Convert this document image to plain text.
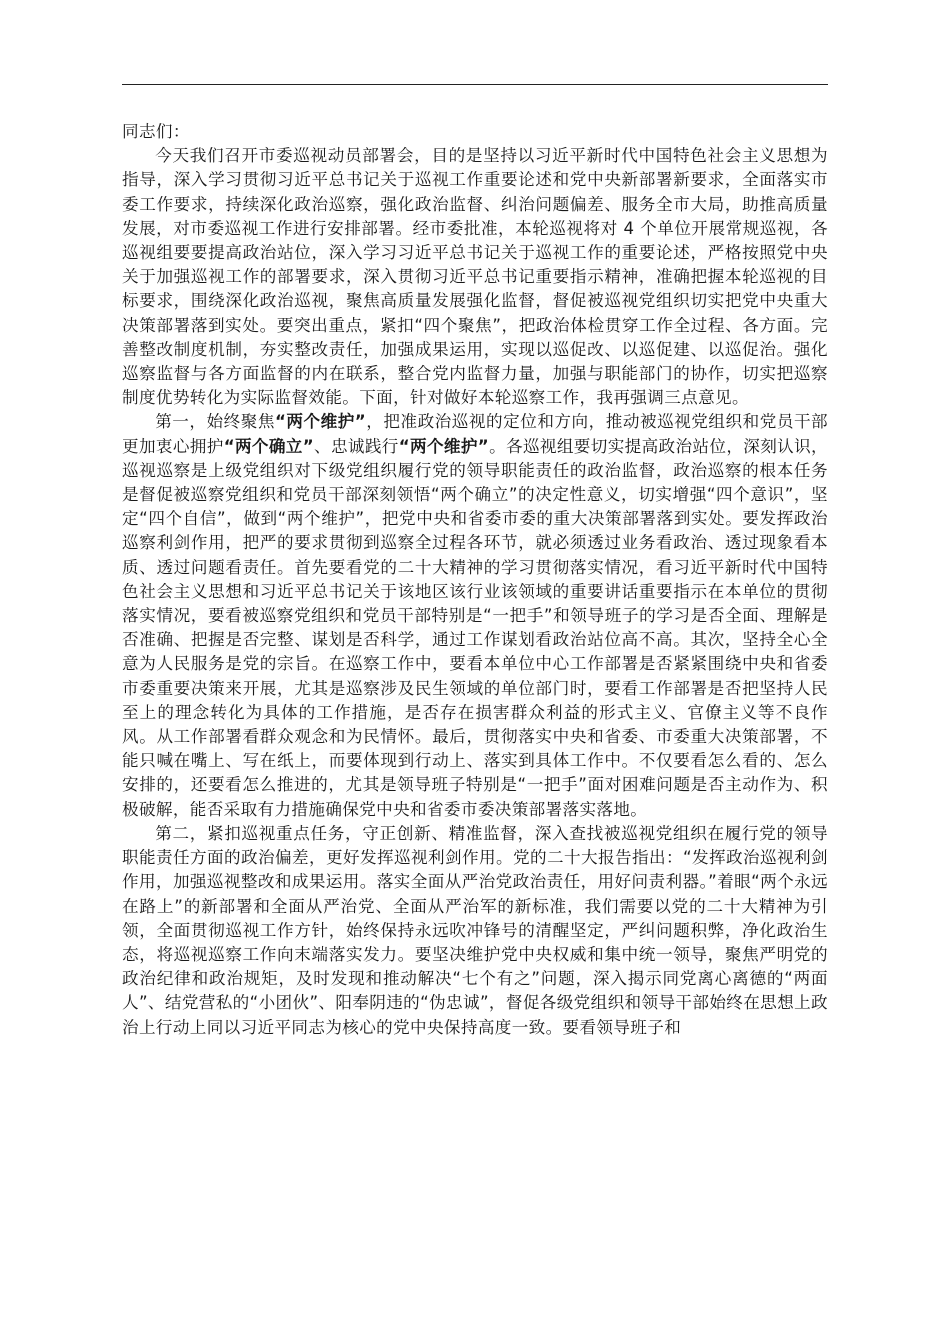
同志们：

今天我们召开市委巡视动员部署会，目的是坚持以习近平新时代中国特色社会主义思想为指导，深入学习贯彻习近平总书记关于巡视工作重要论述和党中央新部署新要求，全面落实市委工作要求，持续深化政治巡察，强化政治监督、纠治问题偏差、服务全市大局，助推高质量发展，对市委巡视工作进行安排部署。经市委批准，本轮巡视将对 4 个单位开展常规巡视，各巡视组要要提高政治站位，深入学习习近平总书记关于巡视工作的重要论述，严格按照党中央关于加强巡视工作的部署要求，深入贯彻习近平总书记重要指示精神，准确把握本轮巡视的目标要求，围绕深化政治巡视，聚焦高质量发展强化监督，督促被巡视党组织切实把党中央重大决策部署落到实处。要突出重点，紧扣“四个聚焦”，把政治体检贯穿工作全过程、各方面。完善整改制度机制，夯实整改责任，加强成果运用，实现以巡促改、以巡促建、以巡促治。强化巡察监督与各方面监督的内在联系，整合党内监督力量，加强与职能部门的协作，切实把巡察制度优势转化为实际监督效能。下面，针对做好本轮巡察工作，我再强调三点意见。

第一，始终聚焦“两个维护”，把准政治巡视的定位和方向，推动被巡视党组织和党员干部更加衷心拥护“两个确立”、忠诚践行“两个维护”。各巡视组要切实提高政治站位，深刻认识，巡视巡察是上级党组织对下级党组织履行党的领导职能责任的政治监督，政治巡察的根本任务是督促被巡察党组织和党员干部深刻领悟“两个确立”的决定性意义，切实增强“四个意识”，坚定“四个自信”，做到“两个维护”，把党中央和省委市委的重大决策部署落到实处。要发挥政治巡察利剑作用，把严的要求贯彻到巡察全过程各环节，就必须透过业务看政治、透过现象看本质、透过问题看责任。首先要看党的二十大精神的学习贯彻落实情况，看习近平新时代中国特色社会主义思想和习近平总书记关于该地区该行业该领域的重要讲话重要指示在本单位的贯彻落实情况，要看被巡察党组织和党员干部特别是“一把手”和领导班子的学习是否全面、理解是否准确、把握是否完整、谋划是否科学，通过工作谋划看政治站位高不高。其次，坚持全心全意为人民服务是党的宗旨。在巡察工作中，要看本单位中心工作部署是否紧紧围绕中央和省委市委重要决策来开展，尤其是巡察涉及民生领域的单位部门时，要看工作部署是否把坚持人民至上的理念转化为具体的工作措施，是否存在损害群众利益的形式主义、官僚主义等不良作风。从工作部署看群众观念和为民情怀。最后，贯彻落实中央和省委、市委重大决策部署，不能只喊在嘴上、写在纸上，而要体现到行动上、落实到具体工作中。不仅要看怎么看的、怎么安排的，还要看怎么推进的，尤其是领导班子特别是“一把手”面对困难问题是否主动作为、积极破解，能否采取有力措施确保党中央和省委市委决策部署落实落地。

第二，紧扣巡视重点任务，守正创新、精准监督，深入查找被巡视党组织在履行党的领导职能责任方面的政治偏差，更好发挥巡视利剑作用。党的二十大报告指出：“发挥政治巡视利剑作用，加强巡视整改和成果运用。落实全面从严治党政治责任，用好问责利器。”着眼“两个永远在路上”的新部署和全面从严治党、全面从严治军的新标准，我们需要以党的二十大精神为引领，全面贯彻巡视工作方针，始终保持永远吹冲锋号的清醒坚定，严纠问题积弊，净化政治生态，将巡视巡察工作向末端落实发力。要坚决维护党中央权威和集中统一领导，聚焦严明党的政治纪律和政治规矩，及时发现和推动解决“七个有之”问题，深入揭示同党离心离德的“两面人”、结党营私的“小团伙”、阳奉阴违的“伪忠诚”，督促各级党组织和领导干部始终在思想上政治上行动上同以习近平同志为核心的党中央保持高度一致。要看领导班子和
